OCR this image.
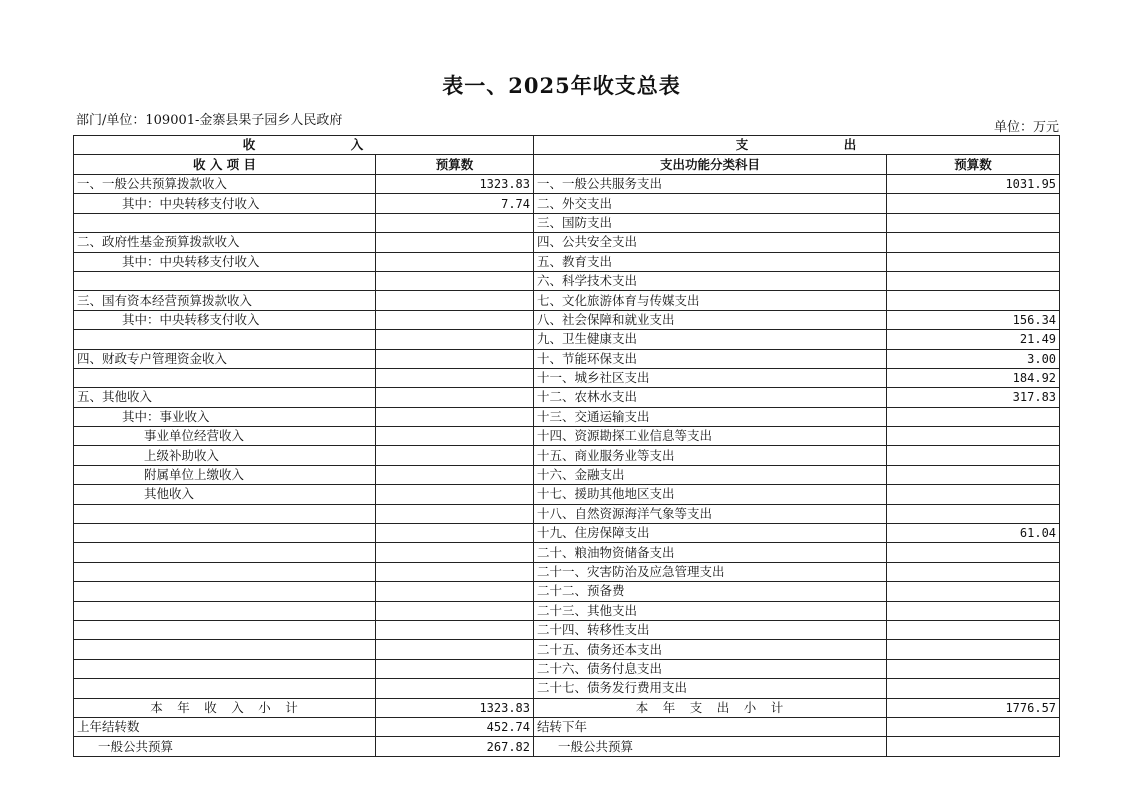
表一、2025年收支总表
部门/单位：109001-金寨县果子园乡人民政府	单位：万元
收　　　　　　　入		支　　　　　　　出	
收 入 项 目	预算数	支出功能分类科目	预算数
一、一般公共预算拨款收入	1323.83	一、一般公共服务支出	1031.95
其中：中央转移支付收入	7.74	二、外交支出	
		三、国防支出	
二、政府性基金预算拨款收入		四、公共安全支出	
其中：中央转移支付收入		五、教育支出	
		六、科学技术支出	
三、国有资本经营预算拨款收入		七、文化旅游体育与传媒支出	
其中：中央转移支付收入		八、社会保障和就业支出	156.34
		九、卫生健康支出	21.49
四、财政专户管理资金收入		十、节能环保支出	3.00
		十一、城乡社区支出	184.92
五、其他收入		十二、农林水支出	317.83
其中：事业收入		十三、交通运输支出	
事业单位经营收入		十四、资源勘探工业信息等支出	
上级补助收入		十五、商业服务业等支出	
附属单位上缴收入		十六、金融支出	
其他收入		十七、援助其他地区支出	
		十八、自然资源海洋气象等支出	
		十九、住房保障支出	61.04
		二十、粮油物资储备支出	
		二十一、灾害防治及应急管理支出	
		二十二、预备费	
		二十三、其他支出	
		二十四、转移性支出	
		二十五、债务还本支出	
		二十六、债务付息支出	
		二十七、债务发行费用支出	
本　年　收　入　小　计	1323.83	本　年　支　出　小　计	1776.57
上年结转数	452.74	结转下年	
一般公共预算	267.82	一般公共预算	
